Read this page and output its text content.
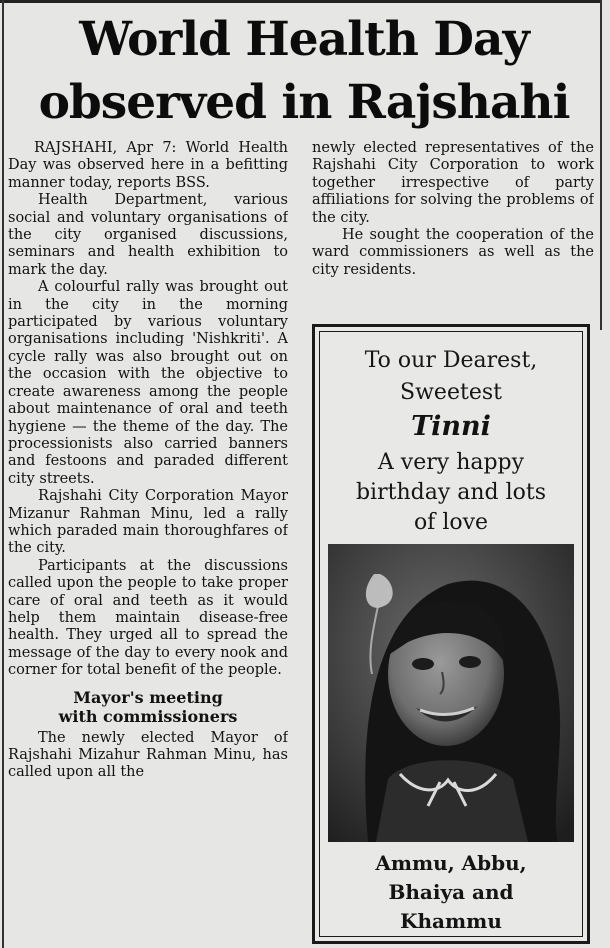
World Health Day
observed in Rajshahi

RAJSHAHI, Apr 7: World Health Day was observed here in a befitting manner today, reports BSS.

Health Department, various social and voluntary organisations of the city organised discussions, seminars and health exhibition to mark the day.

A colourful rally was brought out in the city in the morning participated by various voluntary organisations including 'Nishkriti'. A cycle rally was also brought out on the occasion with the objective to create awareness among the people about maintenance of oral and teeth hygiene — the theme of the day. The processionists also carried banners and festoons and paraded different city streets.

Rajshahi City Corporation Mayor Mizanur Rahman Minu, led a rally which paraded main thoroughfares of the city.

Participants at the discussions called upon the people to take proper care of oral and teeth as it would help them maintain disease-free health. They urged all to spread the message of the day to every nook and corner for total benefit of the people.

Mayor's meeting
with commissioners

The newly elected Mayor of Rajshahi Mizahur Rahman Minu, has called upon all the

newly elected representatives of the Rajshahi City Corporation to work together irrespective of party affiliations for solving the problems of the city.

He sought the cooperation of the ward commissioners as well as the city residents.

To our Dearest,
Sweetest
Tinni
A very happy
birthday and lots
of love
Ammu, Abbu,
Bhaiya and
Khammu
